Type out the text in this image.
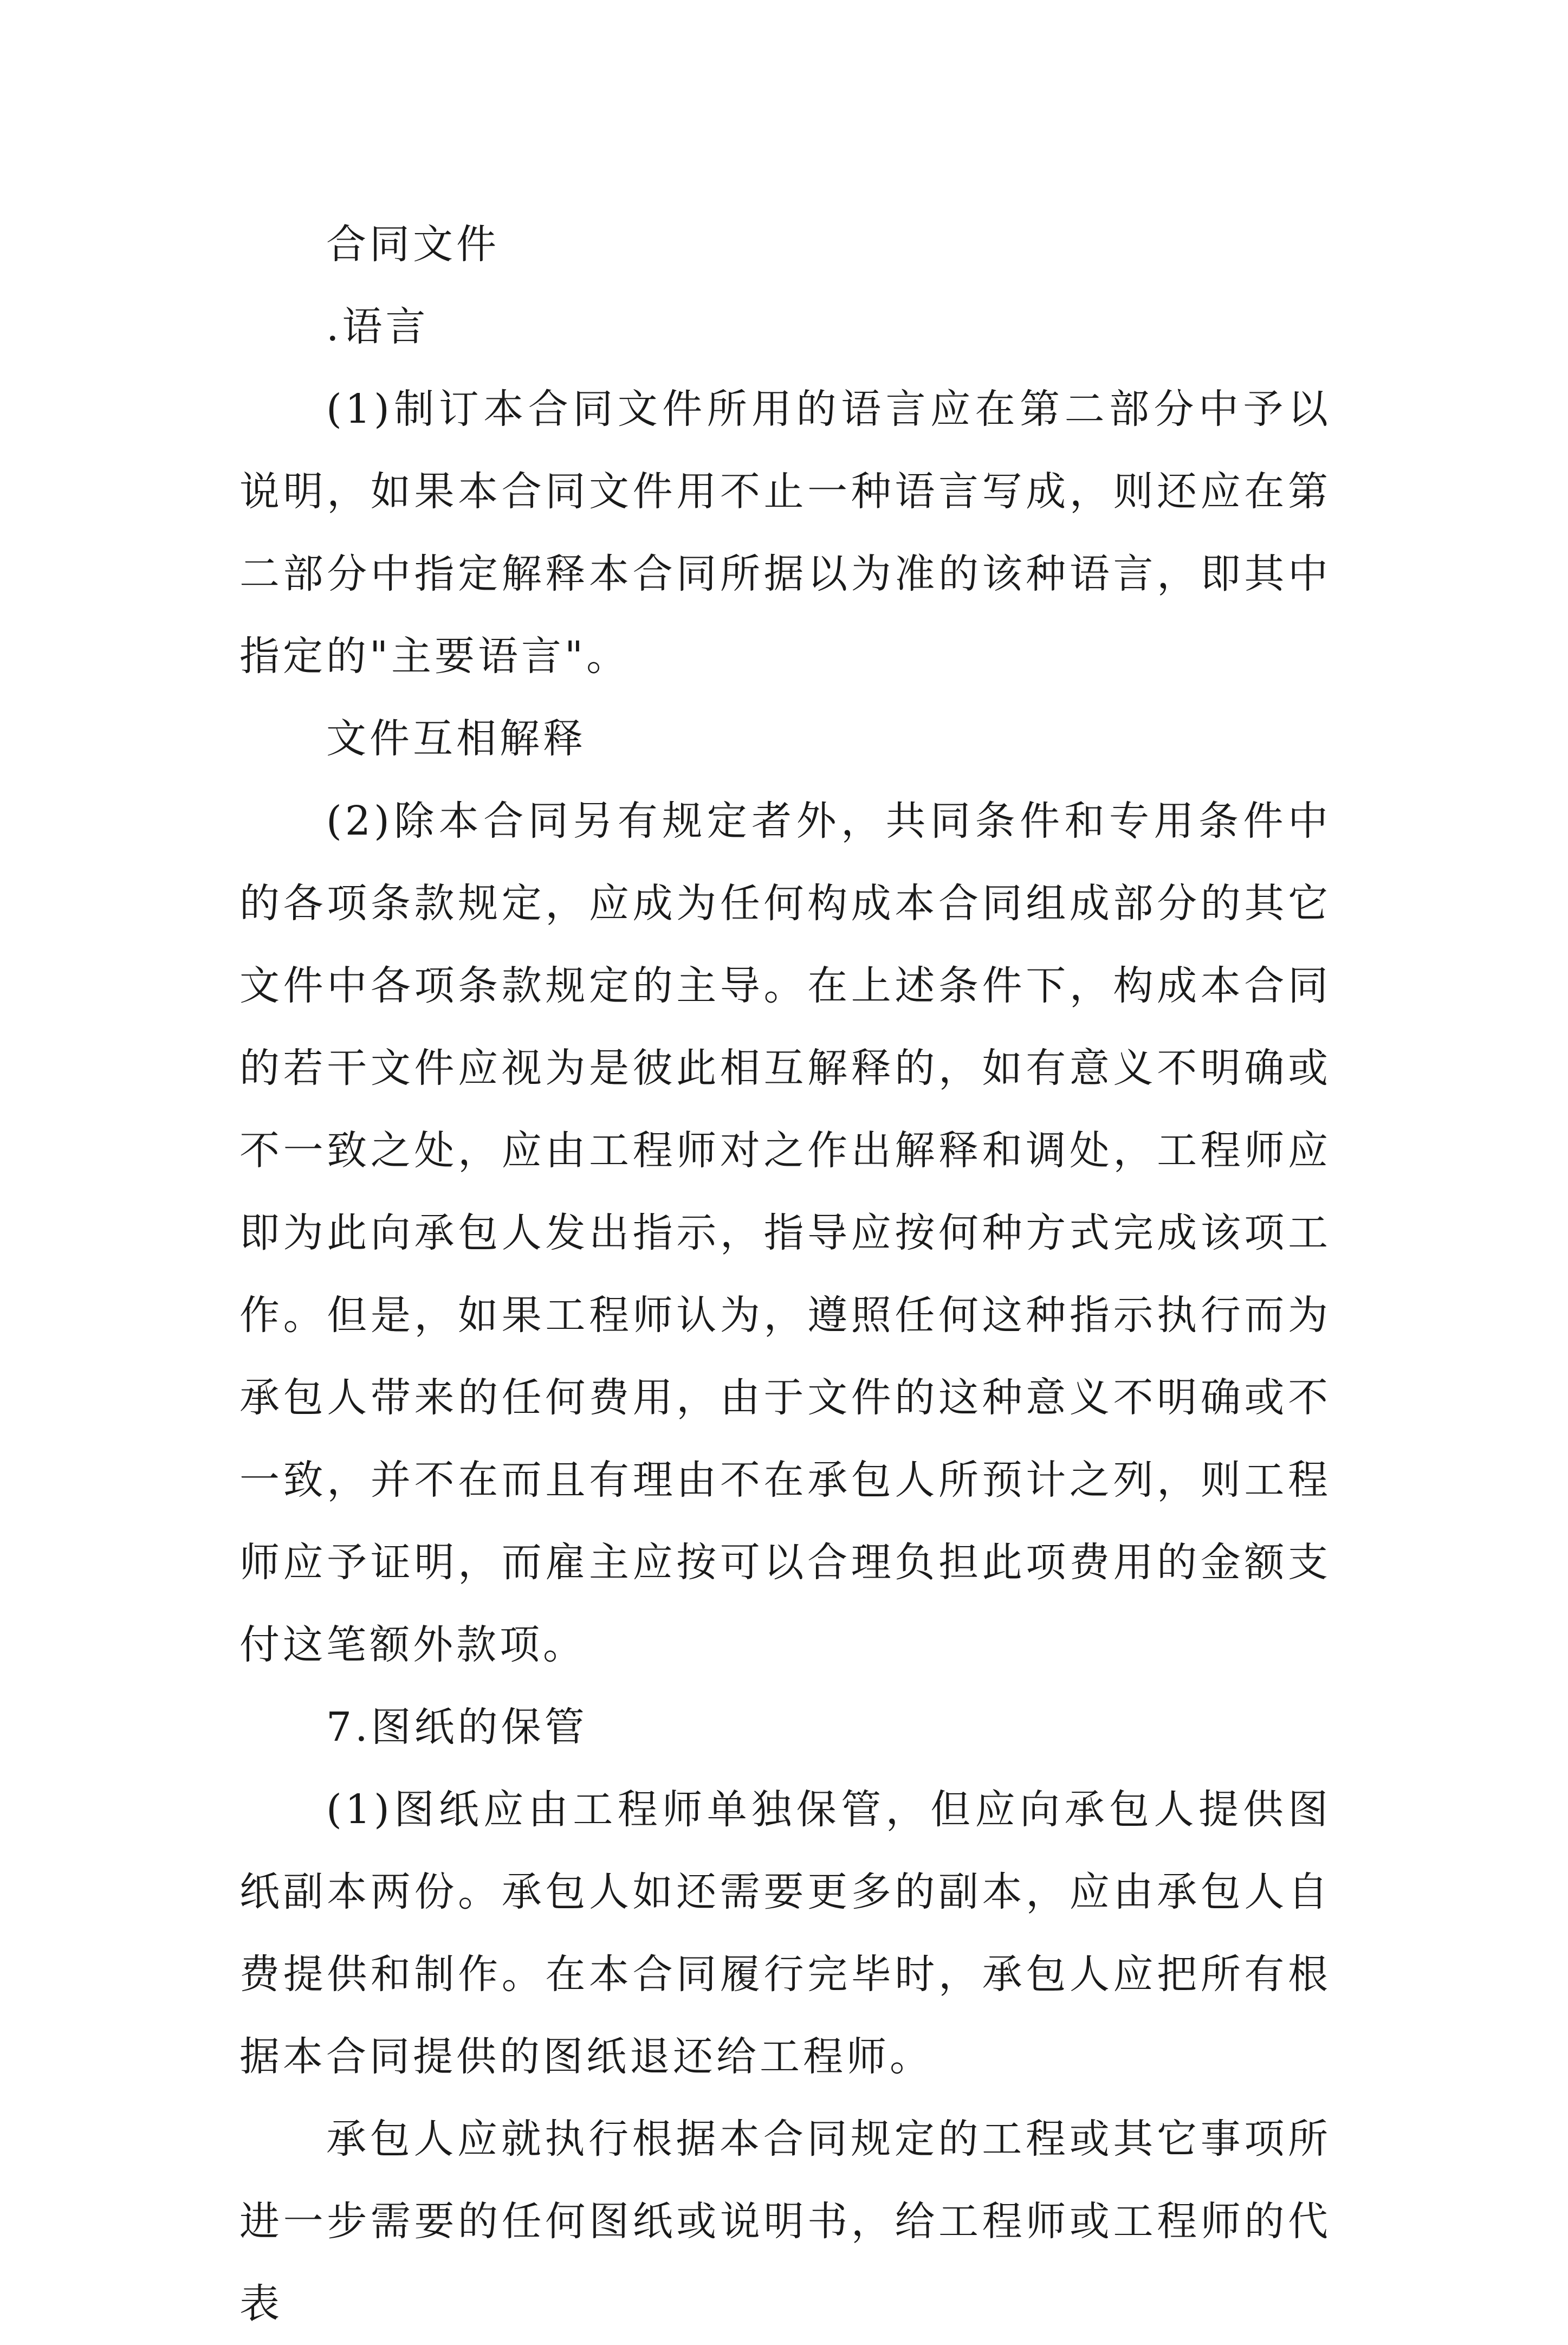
合同文件

.语言

(1)制订本合同文件所用的语言应在第二部分中予以说明，如果本合同文件用不止一种语言写成，则还应在第二部分中指定解释本合同所据以为准的该种语言，即其中指定的"主要语言"。

文件互相解释

(2)除本合同另有规定者外，共同条件和专用条件中的各项条款规定，应成为任何构成本合同组成部分的其它文件中各项条款规定的主导。在上述条件下，构成本合同的若干文件应视为是彼此相互解释的，如有意义不明确或不一致之处，应由工程师对之作出解释和调处，工程师应即为此向承包人发出指示，指导应按何种方式完成该项工作。但是，如果工程师认为，遵照任何这种指示执行而为承包人带来的任何费用，由于文件的这种意义不明确或不一致，并不在而且有理由不在承包人所预计之列，则工程师应予证明，而雇主应按可以合理负担此项费用的金额支付这笔额外款项。

7.图纸的保管

(1)图纸应由工程师单独保管，但应向承包人提供图纸副本两份。承包人如还需要更多的副本，应由承包人自费提供和制作。在本合同履行完毕时，承包人应把所有根据本合同提供的图纸退还给工程师。

承包人应就执行根据本合同规定的工程或其它事项所进一步需要的任何图纸或说明书，给工程师或工程师的代表
